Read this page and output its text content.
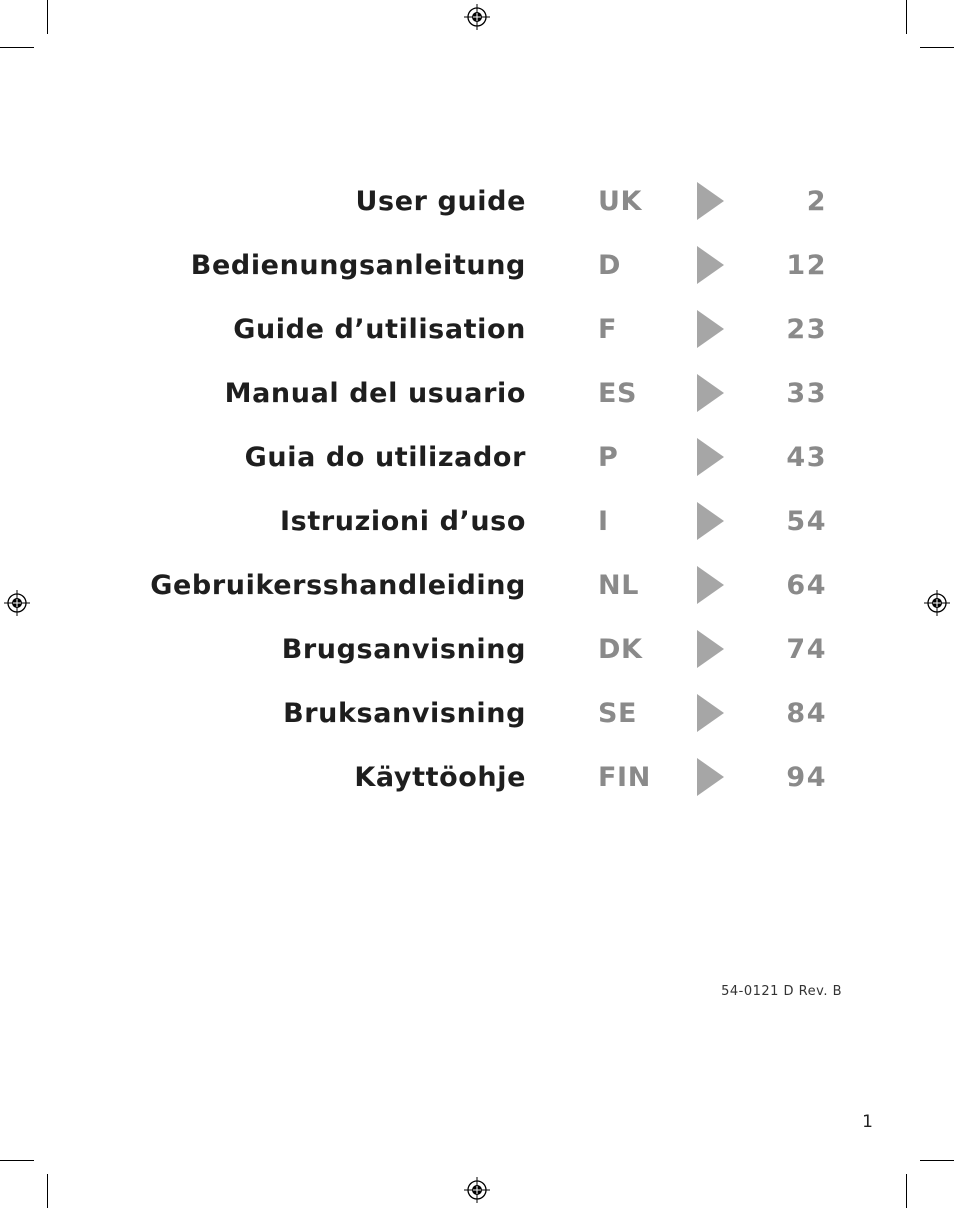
User guide	UK	2
Bedienungsanleitung	D	12
Guide d’utilisation	F	23
Manual del usuario	ES	33
Guia do utilizador	P	43
Istruzioni d’uso	I	54
Gebruikersshandleiding	NL	64
Brugsanvisning	DK	74
Bruksanvisning	SE	84
Käyttöohje	FIN	94
54-0121 D Rev. B
1
